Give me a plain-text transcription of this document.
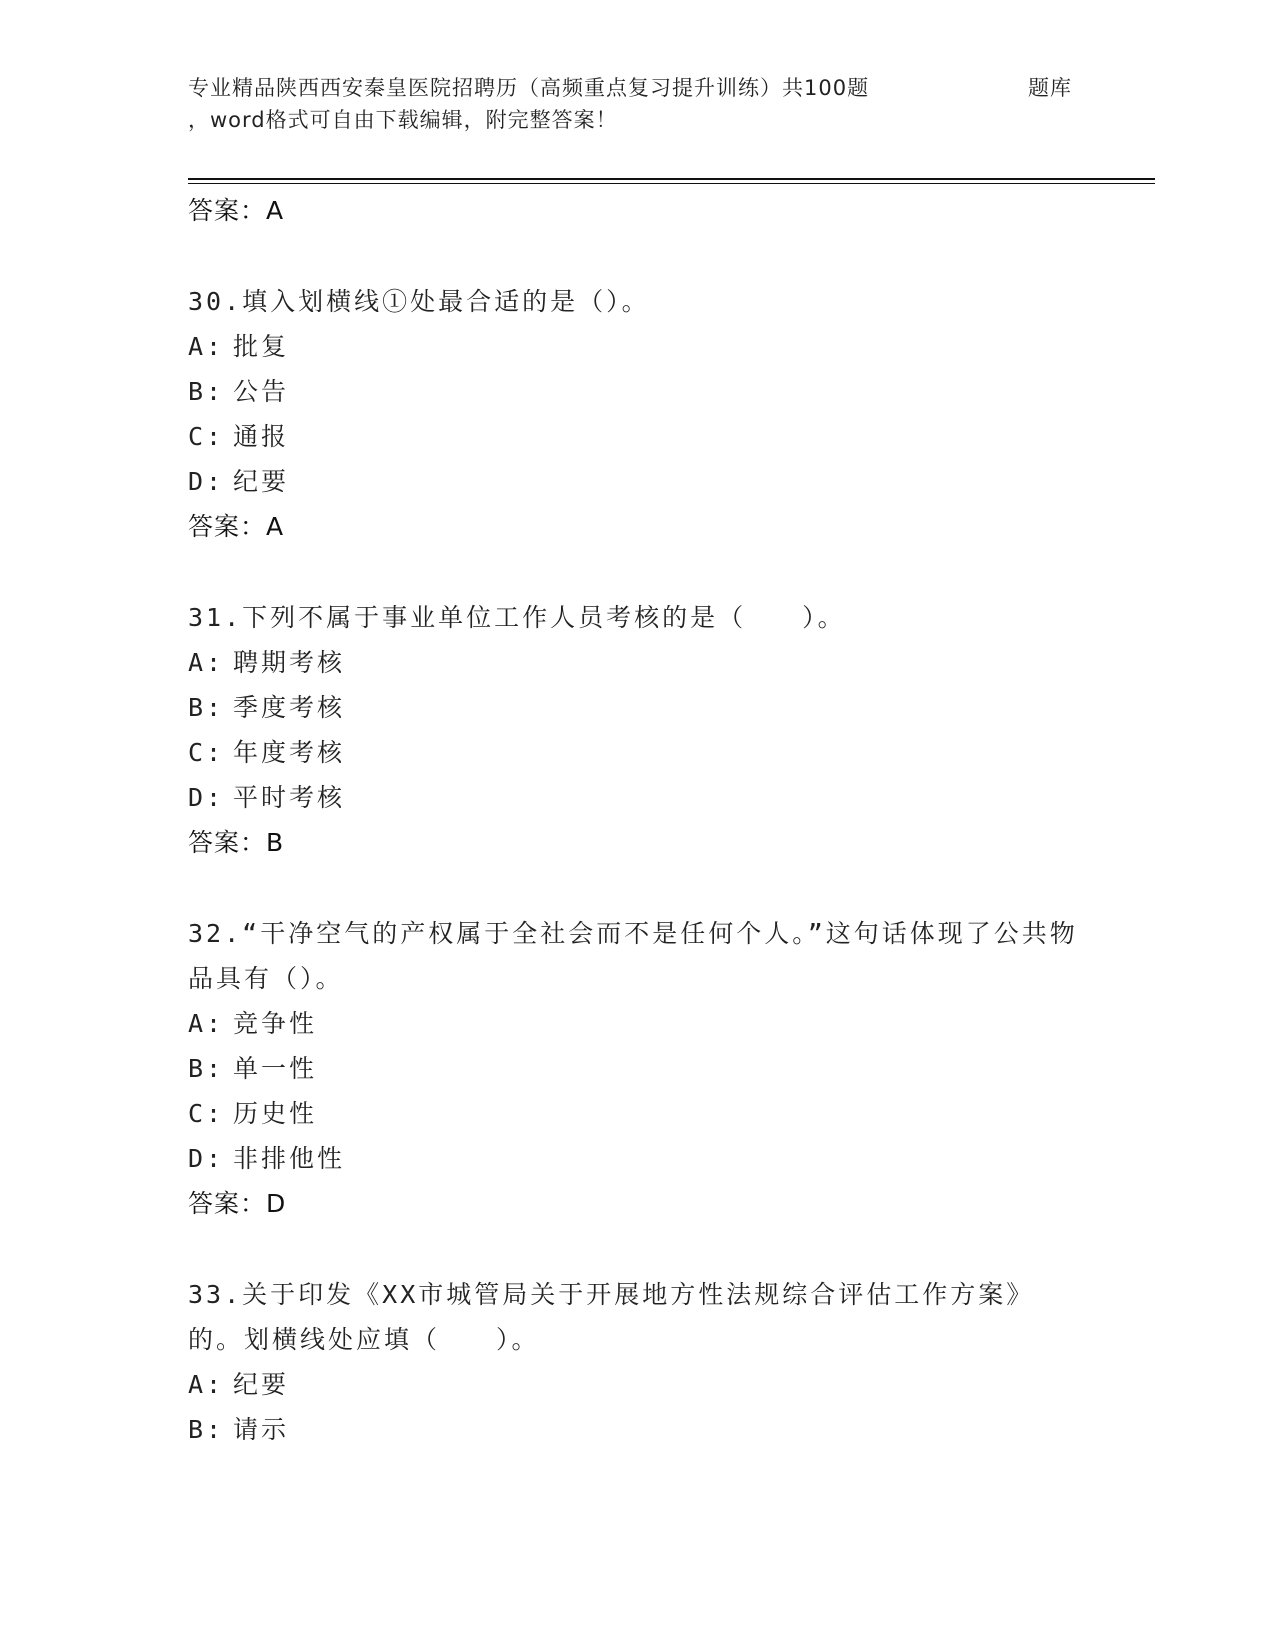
专业精品陕西西安秦皇医院招聘历（高频重点复习提升训练）共100题	题库
，word格式可自由下载编辑，附完整答案！
答案：A
30.填入划横线①处最合适的是（）。
A: 批复
B: 公告
C: 通报
D: 纪要
答案：A
31.下列不属于事业单位工作人员考核的是（　　）。
A: 聘期考核
B: 季度考核
C: 年度考核
D: 平时考核
答案：B
32.“干净空气的产权属于全社会而不是任何个人。”这句话体现了公共物品具有（）。
A: 竞争性
B: 单一性
C: 历史性
D: 非排他性
答案：D
33.关于印发《XX市城管局关于开展地方性法规综合评估工作方案》的。划横线处应填（　　）。
A: 纪要
B: 请示
